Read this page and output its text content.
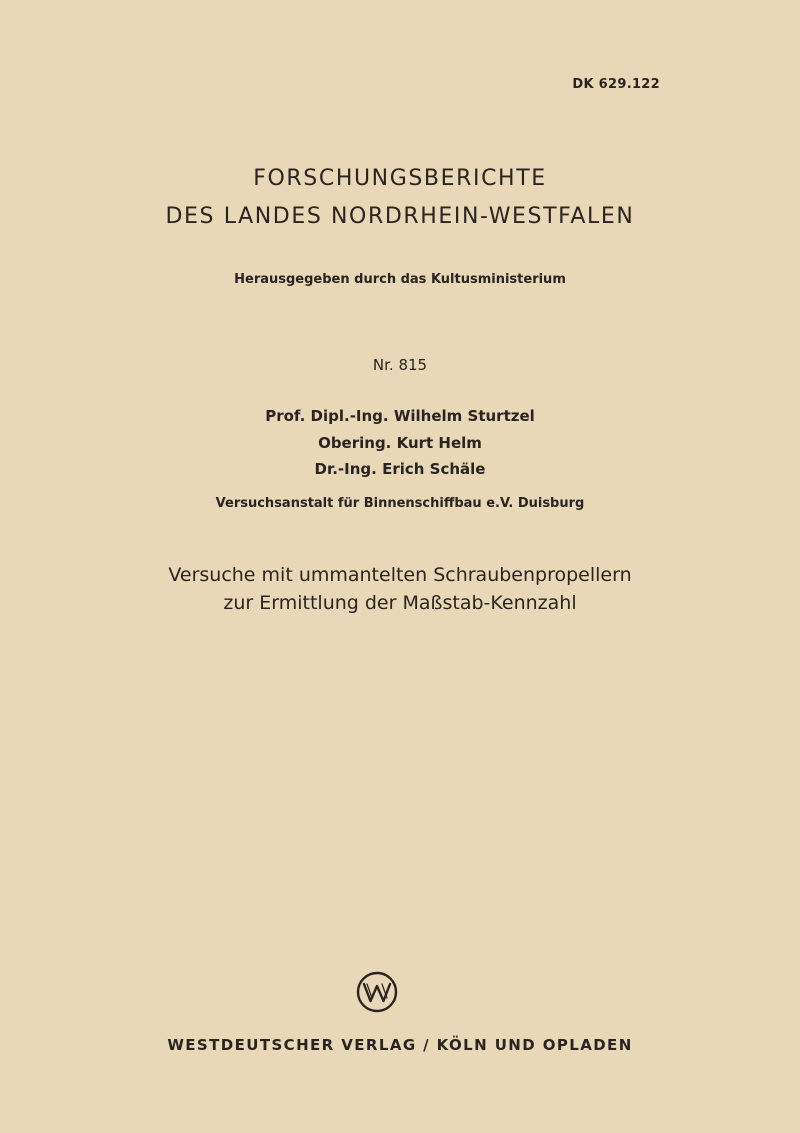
DK 629.122
FORSCHUNGSBERICHTE
DES LANDES NORDRHEIN-WESTFALEN
Herausgegeben durch das Kultusministerium
Nr. 815
Prof. Dipl.-Ing. Wilhelm Sturtzel
Obering. Kurt Helm
Dr.-Ing. Erich Schäle
Versuchsanstalt für Binnenschiffbau e.V. Duisburg
Versuche mit ummantelten Schraubenpropellern
zur Ermittlung der Maßstab-Kennzahl
WESTDEUTSCHER VERLAG / KÖLN UND OPLADEN
